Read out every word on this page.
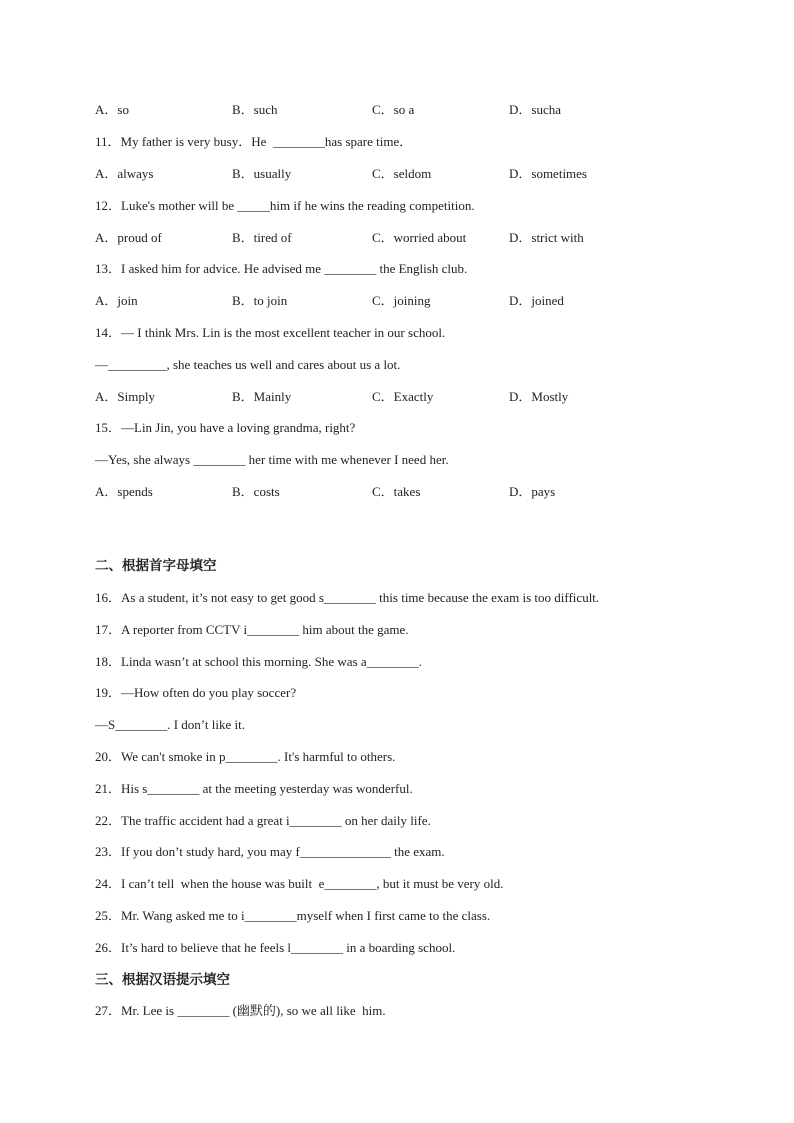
A．so	B．such	C．so a	D．sucha
11．My father is very busy．He  ________has spare time．
A．always	B．usually	C．seldom	D．sometimes
12．Luke's mother will be _____him if he wins the reading competition.
A．proud of	B．tired of	C．worried about	D．strict with
13．I asked him for advice. He advised me ________ the English club.
A．join	B．to join	C．joining	D．joined
14．— I think Mrs. Lin is the most excellent teacher in our school.
—_________, she teaches us well and cares about us a lot.
A．Simply	B．Mainly	C．Exactly	D．Mostly
15．—Lin Jin, you have a loving grandma, right?
—Yes, she always ________ her time with me whenever I need her.
A．spends	B．costs	C．takes	D．pays
二、根据首字母填空
16．As a student, it’s not easy to get good s________ this time because the exam is too difficult.
17．A reporter from CCTV i________ him about the game.
18．Linda wasn’t at school this morning. She was a________.
19．—How often do you play soccer?
—S________. I don’t like it.
20．We can't smoke in p________. It's harmful to others.
21．His s________ at the meeting yesterday was wonderful.
22．The traffic accident had a great i________ on her daily life.
23．If you don’t study hard, you may f______________ the exam.
24．I can’t tell  when the house was built  e________, but it must be very old.
25．Mr. Wang asked me to i________myself when I first came to the class.
26．It’s hard to believe that he feels l________ in a boarding school.
三、根据汉语提示填空
27．Mr. Lee is ________ (幽默的), so we all like  him.
